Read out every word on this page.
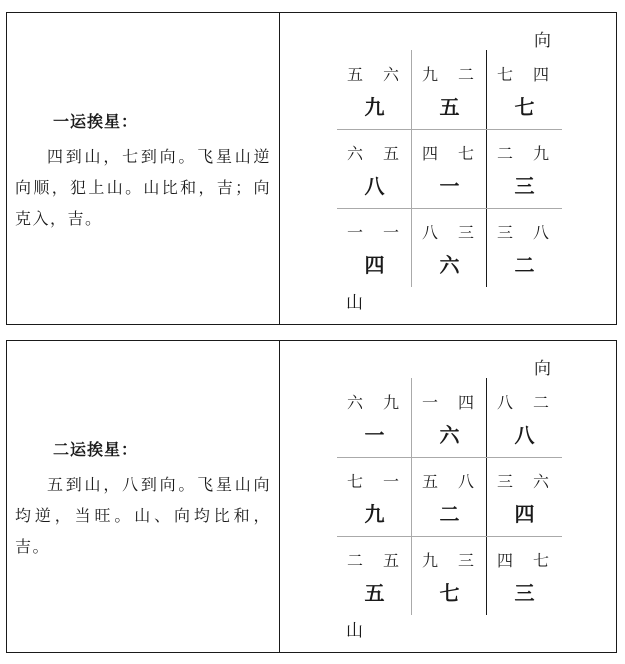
一运挨星：
四到山，七到向。飞星山逆向顺，犯上山。山比和，吉；向克入，吉。
向
五 六
九
九 二
五
七 四
七
六 五
八
四 七
一
二 九
三
一 一
四
八 三
六
三 八
二
山
二运挨星：
五到山，八到向。飞星山向均逆，当旺。山、向均比和，吉。
向
六 九
一
一 四
六
八 二
八
七 一
九
五 八
二
三 六
四
二 五
五
九 三
七
四 七
三
山
